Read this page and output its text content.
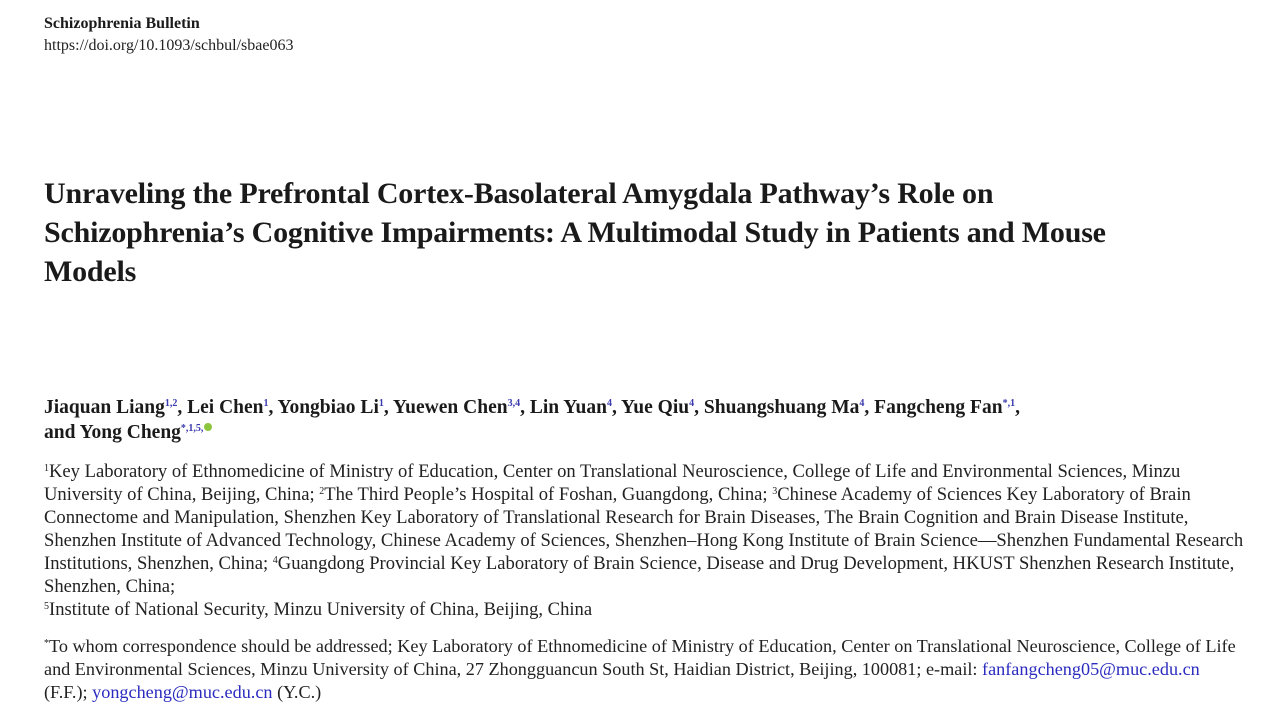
Schizophrenia Bulletin
https://doi.org/10.1093/schbul/sbae063
Unraveling the Prefrontal Cortex-Basolateral Amygdala Pathway’s Role on Schizophrenia’s Cognitive Impairments: A Multimodal Study in Patients and Mouse Models
Jiaquan Liang$^{1,2}$, Lei Chen$^1$, Yongbiao Li$^1$, Yuewen Chen$^{3,4}$, Lin Yuan$^4$, Yue Qiu$^4$, Shuangshuang Ma$^4$, Fangcheng Fan$^{*,1}$,
and Yong Cheng$^{*,1,5,}$
$^1$Key Laboratory of Ethnomedicine of Ministry of Education, Center on Translational Neuroscience, College of Life and Environmental Sciences, Minzu University of China, Beijing, China; $^2$The Third People’s Hospital of Foshan, Guangdong, China; $^3$Chinese Academy of Sciences Key Laboratory of Brain Connectome and Manipulation, Shenzhen Key Laboratory of Translational Research for Brain Diseases, The Brain Cognition and Brain Disease Institute, Shenzhen Institute of Advanced Technology, Chinese Academy of Sciences, Shenzhen–Hong Kong Institute of Brain Science—Shenzhen Fundamental Research Institutions, Shenzhen, China; $^4$Guangdong Provincial Key Laboratory of Brain Science, Disease and Drug Development, HKUST Shenzhen Research Institute, Shenzhen, China;
$^5$Institute of National Security, Minzu University of China, Beijing, China
*To whom correspondence should be addressed; Key Laboratory of Ethnomedicine of Ministry of Education, Center on Translational Neuroscience, College of Life and Environmental Sciences, Minzu University of China, 27 Zhongguancun South St, Haidian District, Beijing, 100081; e-mail: fanfangcheng05@muc.edu.cn (F.F.); yongcheng@muc.edu.cn (Y.C.)
